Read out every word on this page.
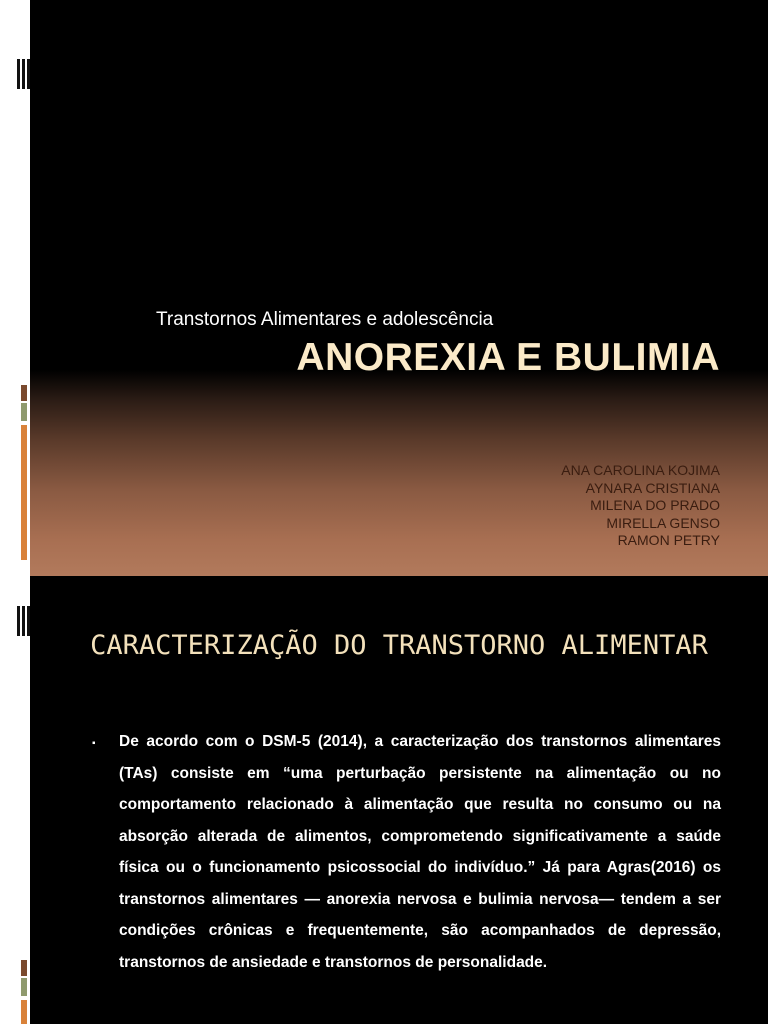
Transtornos Alimentares e adolescência
ANOREXIA E BULIMIA
ANA CAROLINA KOJIMA
AYNARA CRISTIANA
MILENA DO PRADO
MIRELLA GENSO
RAMON PETRY
CARACTERIZAÇÃO DO TRANSTORNO ALIMENTAR
▪ De acordo com o DSM-5 (2014), a caracterização dos transtornos alimentares (TAs) consiste em “uma perturbação persistente na alimentação ou no comportamento relacionado à alimentação que resulta no consumo ou na absorção alterada de alimentos, comprometendo significativamente a saúde física ou o funcionamento psicossocial do indivíduo.” Já para Agras(2016) os transtornos alimentares — anorexia nervosa e bulimia nervosa— tendem a ser condições crônicas e frequentemente, são acompanhados de depressão, transtornos de ansiedade e transtornos de personalidade.
